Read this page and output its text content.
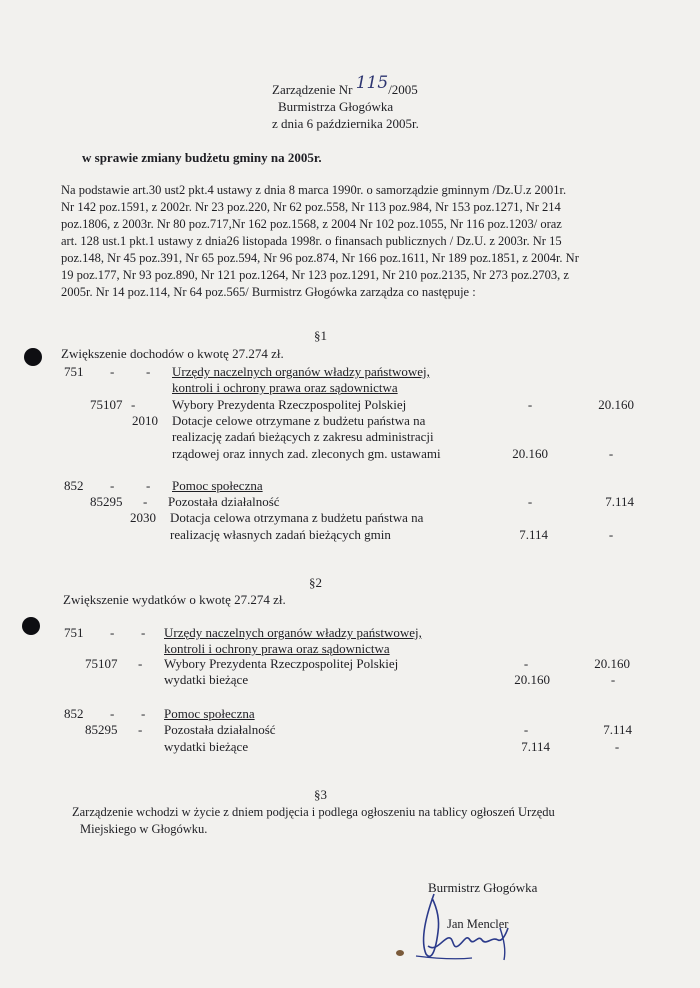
Zarządzenie Nr 115/2005
Burmistrza Głogówka
z dnia 6 października 2005r.
w sprawie zmiany budżetu gminy na 2005r.
Na podstawie art.30 ust2 pkt.4 ustawy z dnia 8 marca 1990r. o samorządzie gminnym /Dz.U.z 2001r.
Nr 142 poz.1591, z 2002r. Nr 23 poz.220, Nr 62 poz.558, Nr 113 poz.984, Nr 153 poz.1271, Nr 214
poz.1806, z 2003r. Nr 80 poz.717,Nr 162 poz.1568, z 2004 Nr 102 poz.1055, Nr 116 poz.1203/ oraz
art. 128 ust.1 pkt.1 ustawy z dnia26 listopada 1998r. o finansach publicznych / Dz.U. z 2003r. Nr 15
poz.148, Nr 45 poz.391, Nr 65 poz.594, Nr 96 poz.874, Nr 166 poz.1611, Nr 189 poz.1851, z 2004r. Nr
19 poz.177, Nr 93 poz.890, Nr 121 poz.1264, Nr 123 poz.1291, Nr 210 poz.2135, Nr 273 poz.2703, z
2005r. Nr 14 poz.114, Nr 64 poz.565/ Burmistrz Głogówka zarządza co następuje :
§1
Zwiększenie dochodów o kwotę 27.274 zł.
751 - - Urzędy naczelnych organów władzy państwowej,
kontroli i ochrony prawa oraz sądownictwa
75107 -	Wybory Prezydenta Rzeczpospolitej Polskiej	-	20.160
2010 Dotacje celowe otrzymane z budżetu państwa na
realizację zadań bieżących z zakresu administracji
rządowej oraz innych zad. zleconych gm. ustawami	20.160	-
852 - - Pomoc społeczna
85295 - Pozostała działalność	-	7.114
2030 Dotacja celowa otrzymana z budżetu państwa na
realizację własnych zadań bieżących gmin	7.114	-
§2
Zwiększenie wydatków o kwotę 27.274 zł.
751 - - Urzędy naczelnych organów władzy państwowej,
kontroli i ochrony prawa oraz sądownictwa
75107 - Wybory Prezydenta Rzeczpospolitej Polskiej	-	20.160
wydatki bieżące	20.160	-
852 - - Pomoc społeczna
85295 - Pozostała działalność	-	7.114
wydatki bieżące	7.114	-
§3
Zarządzenie wchodzi w życie z dniem podjęcia i podlega ogłoszeniu na tablicy ogłoszeń Urzędu
Miejskiego w Głogówku.
Burmistrz Głogówka
Jan Mencler
